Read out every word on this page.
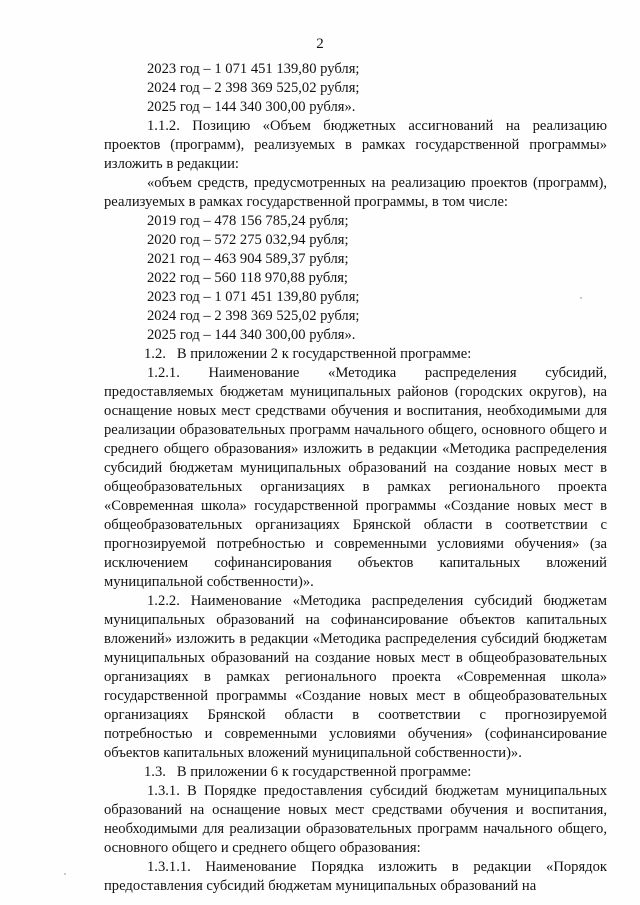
2

2023 год – 1 071 451 139,80 рубля;

2024 год – 2 398 369 525,02 рубля;

2025 год – 144 340 300,00 рубля».

1.1.2. Позицию «Объем бюджетных ассигнований на реализацию проектов (программ), реализуемых в рамках государственной программы» изложить в редакции:

«объем средств, предусмотренных на реализацию проектов (программ), реализуемых в рамках государственной программы, в том числе:

2019 год – 478 156 785,24 рубля;

2020 год – 572 275 032,94 рубля;

2021 год – 463 904 589,37 рубля;

2022 год – 560 118 970,88 рубля;

2023 год – 1 071 451 139,80 рубля;

2024 год – 2 398 369 525,02 рубля;

2025 год – 144 340 300,00 рубля».

1.2.   В приложении 2 к государственной программе:

1.2.1. Наименование «Методика распределения субсидий, предоставляемых бюджетам муниципальных районов (городских округов), на оснащение новых мест средствами обучения и воспитания, необходимыми для реализации образовательных программ начального общего, основного общего и среднего общего образования» изложить в редакции «Методика распределения субсидий бюджетам муниципальных образований на создание новых мест в общеобразовательных организациях в рамках регионального проекта «Современная школа» государственной программы «Создание новых мест в общеобразовательных организациях Брянской области в соответствии с прогнозируемой потребностью и современными условиями обучения» (за исключением софинансирования объектов капитальных вложений муниципальной собственности)».

1.2.2. Наименование «Методика распределения субсидий бюджетам муниципальных образований на софинансирование объектов капитальных вложений» изложить в редакции «Методика распределения субсидий бюджетам муниципальных образований на создание новых мест в общеобразовательных организациях в рамках регионального проекта «Современная школа» государственной программы «Создание новых мест в общеобразовательных организациях Брянской области в соответствии с прогнозируемой потребностью и современными условиями обучения» (софинансирование объектов капитальных вложений муниципальной собственности)».

1.3.   В приложении 6 к государственной программе:

1.3.1. В Порядке предоставления субсидий бюджетам муниципальных образований на оснащение новых мест средствами обучения и воспитания, необходимыми для реализации образовательных программ начального общего, основного общего и среднего общего образования:

1.3.1.1. Наименование Порядка изложить в редакции «Порядок предоставления субсидий бюджетам муниципальных образований на
